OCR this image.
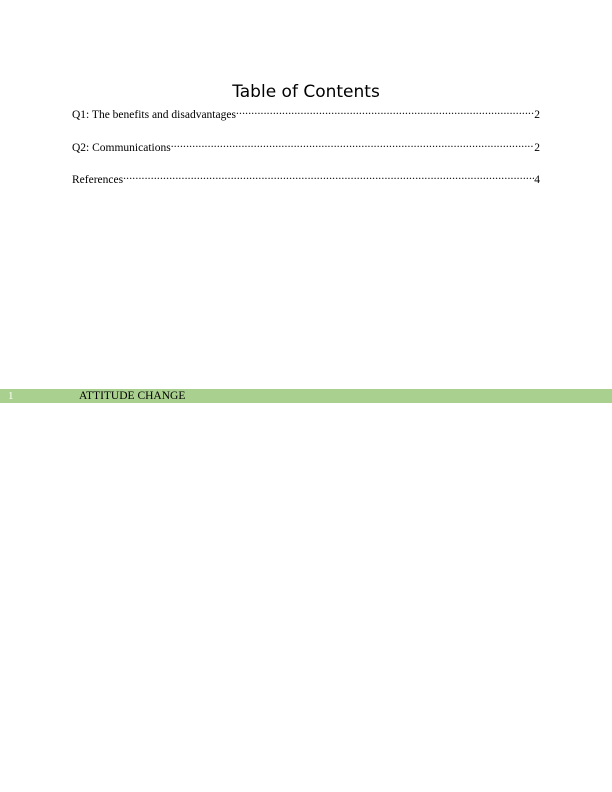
Table of Contents
Q1: The benefits and disadvantages .....	2
Q2: Communications .....	2
References .....	4
1	ATTITUDE CHANGE
